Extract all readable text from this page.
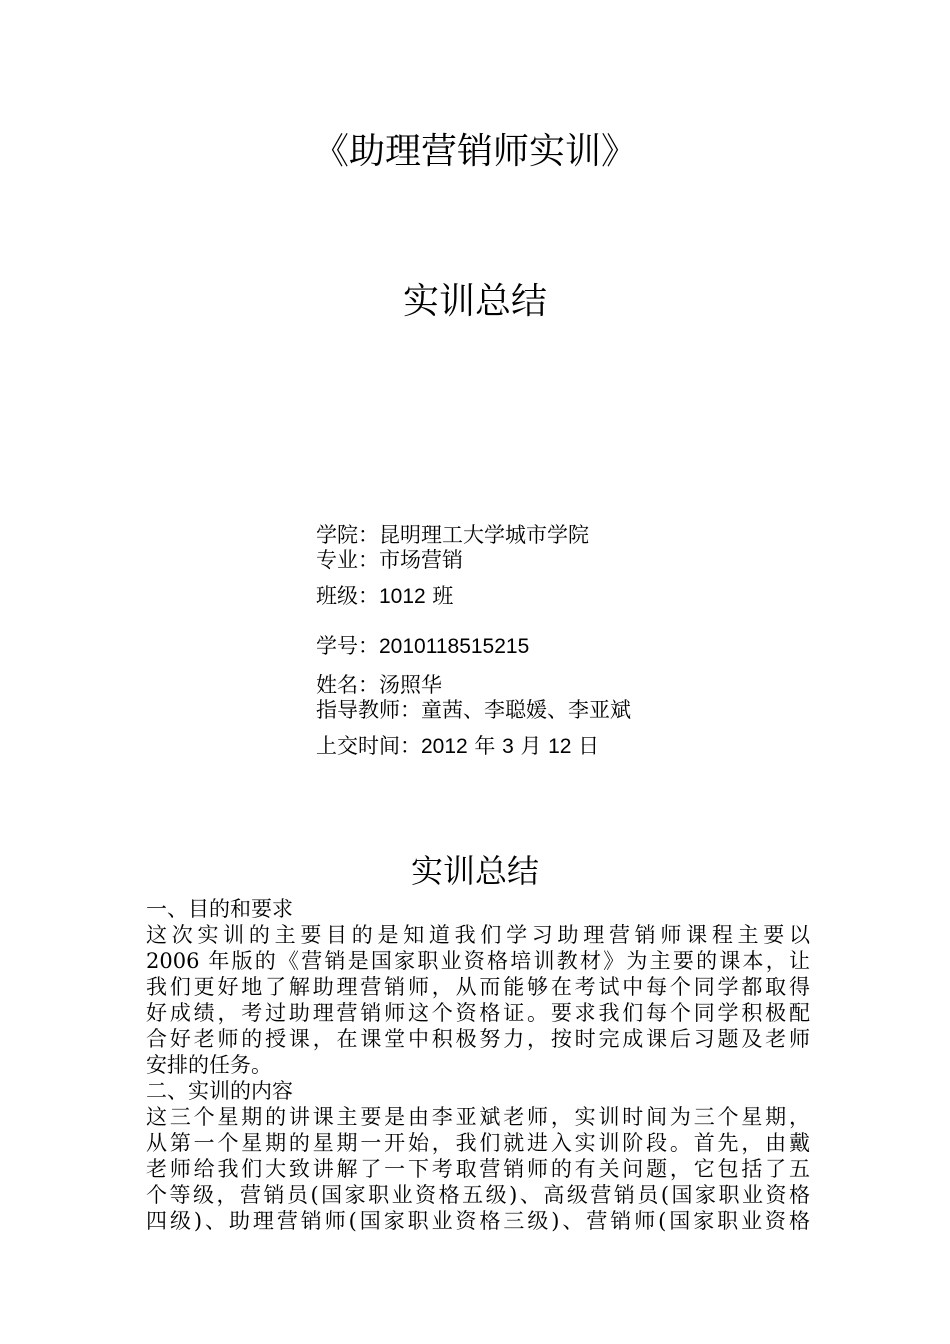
《助理营销师实训》
实训总结
学院：昆明理工大学城市学院
专业：市场营销
班级：1012 班
学号：2010118515215
姓名：汤照华
指导教师：童茜、李聪媛、李亚斌
上交时间：2012 年 3 月 12 日
实训总结
一、目的和要求
这次实训的主要目的是知道我们学习助理营销师课程主要以
2006 年版的《营销是国家职业资格培训教材》为主要的课本，让
我们更好地了解助理营销师，从而能够在考试中每个同学都取得
好成绩，考过助理营销师这个资格证。要求我们每个同学积极配
合好老师的授课，在课堂中积极努力，按时完成课后习题及老师
安排的任务。
二、实训的内容
这三个星期的讲课主要是由李亚斌老师，实训时间为三个星期，
从第一个星期的星期一开始，我们就进入实训阶段。首先，由戴
老师给我们大致讲解了一下考取营销师的有关问题，它包括了五
个等级，营销员(国家职业资格五级)、高级营销员(国家职业资格
四级)、助理营销师(国家职业资格三级)、营销师(国家职业资格
